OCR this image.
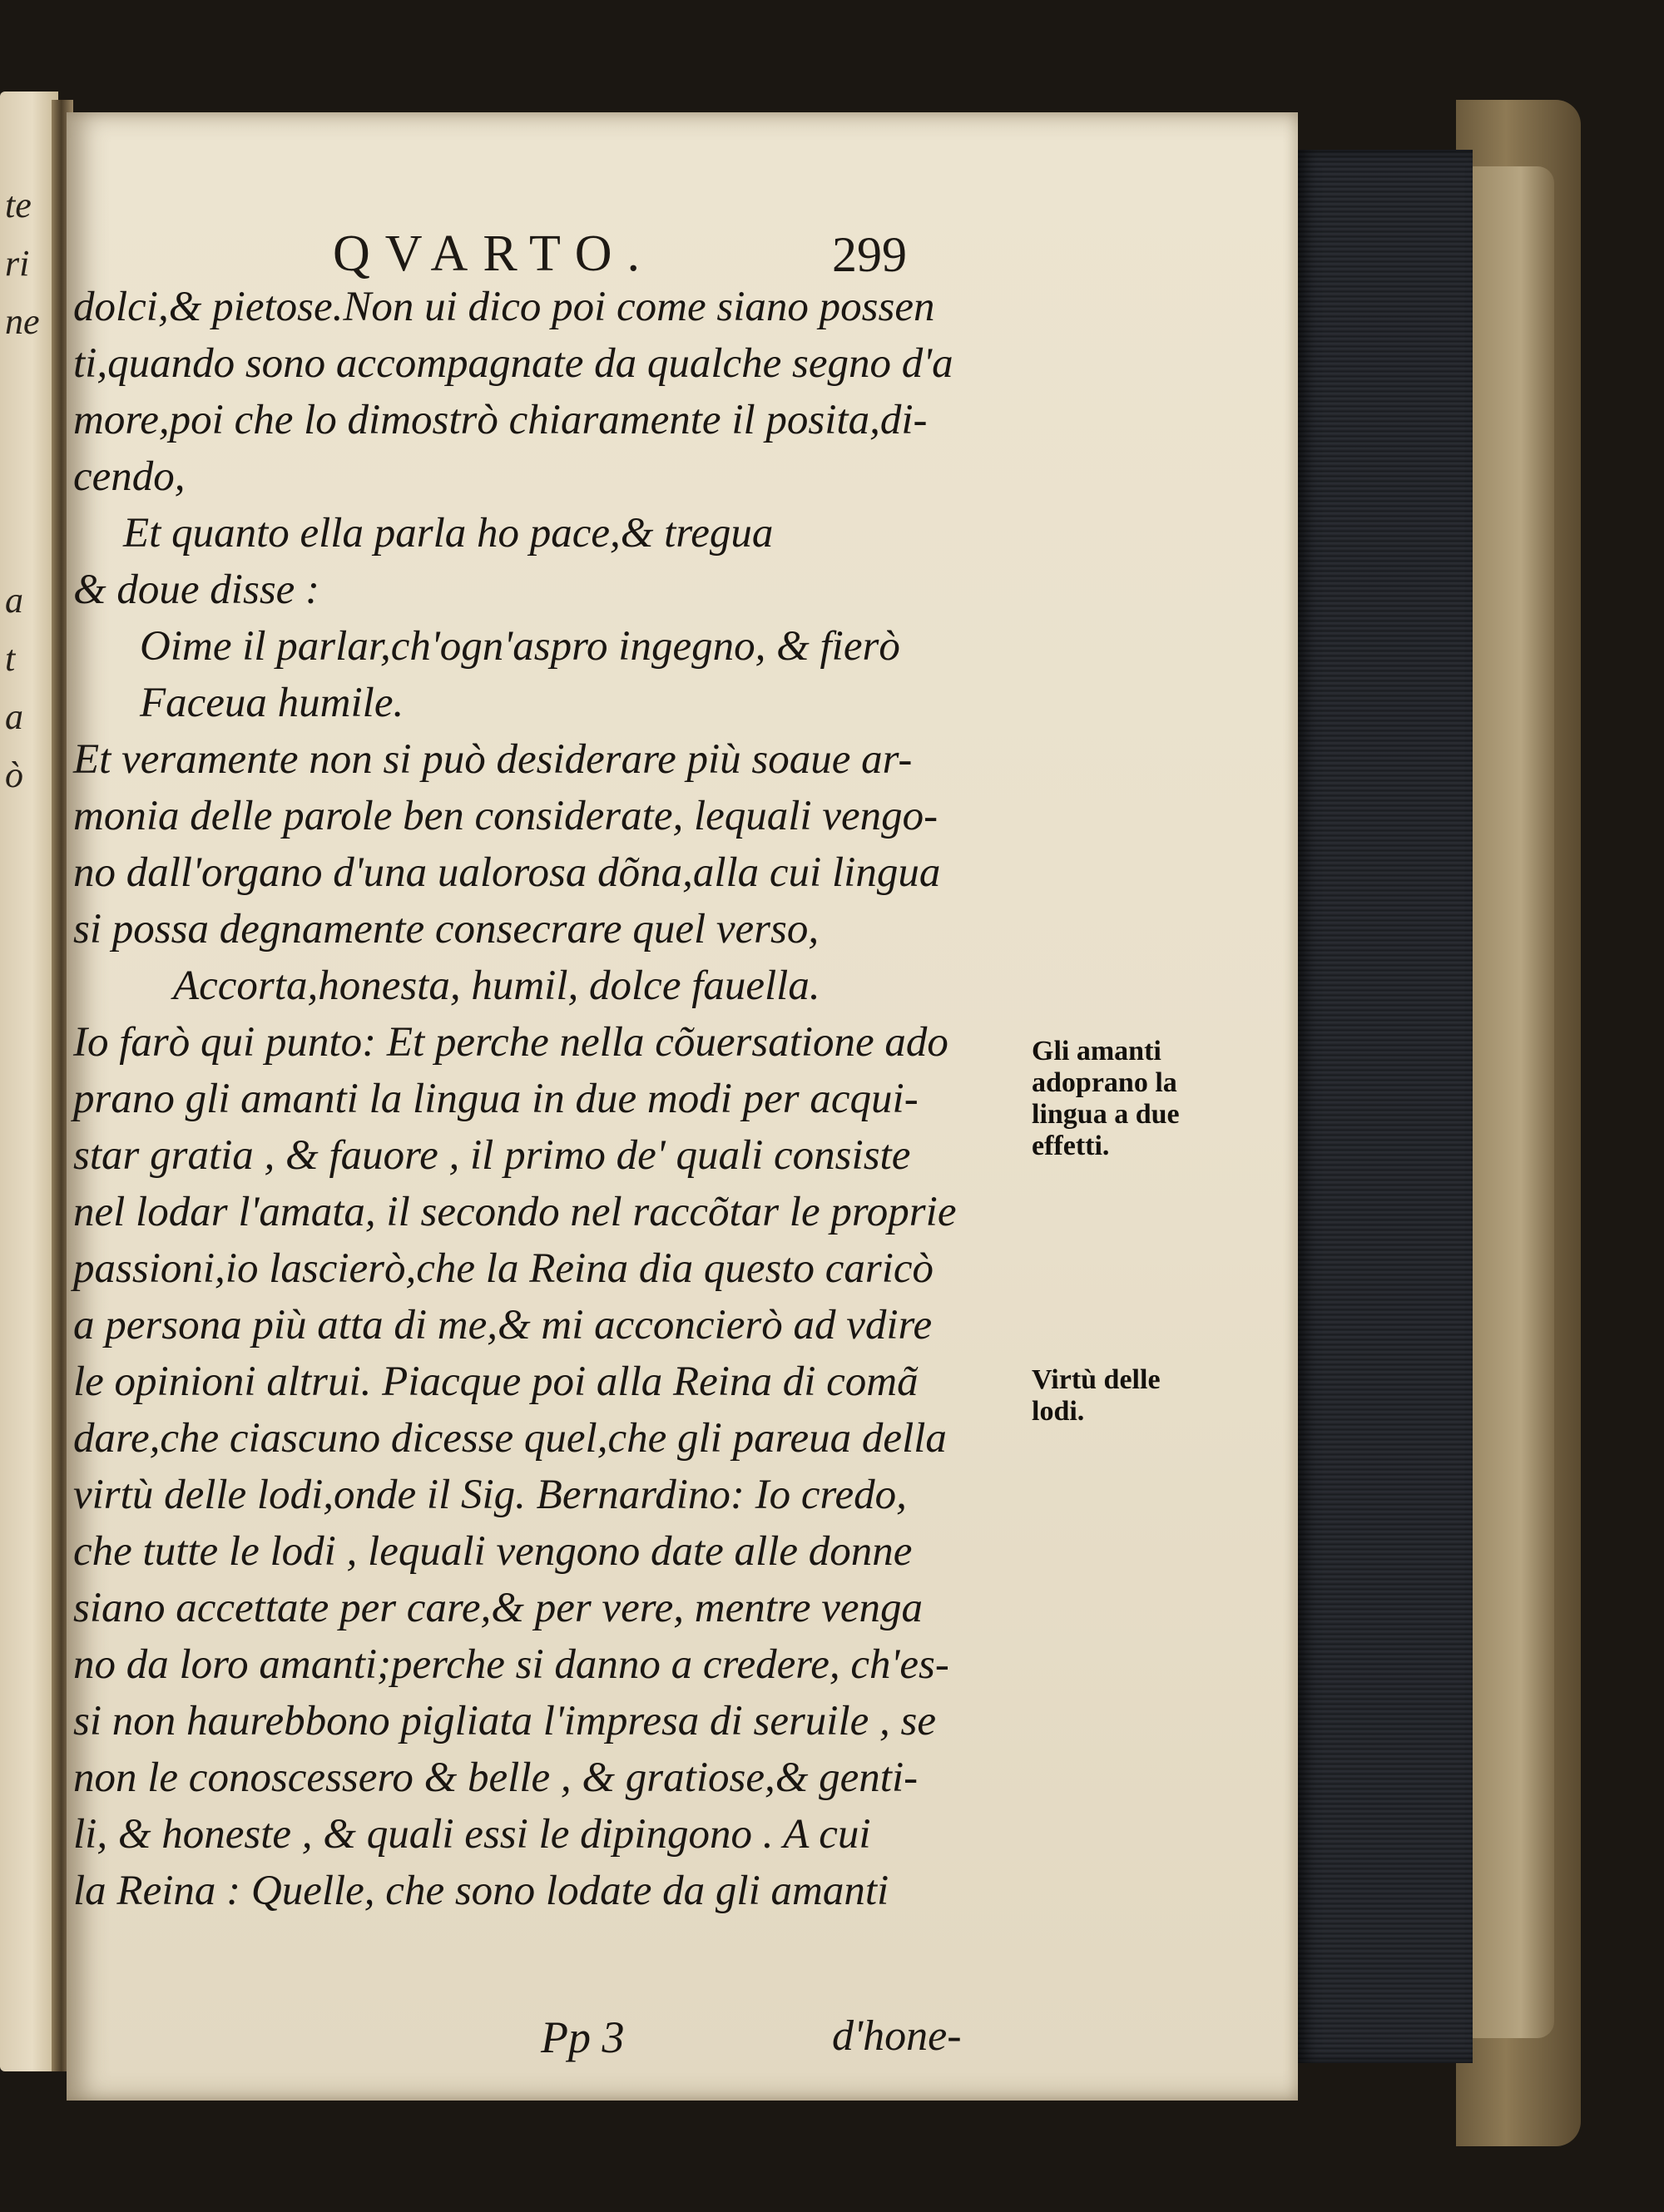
te
ri
ne
a
t
a
ò
QVARTO.	299
dolci,& pietose.Non ui dico poi come siano possen
ti,quando sono accompagnate da qualche segno d'a
more,poi che lo dimostrò chiaramente il posita,di-
cendo,
Et quanto ella parla ho pace,& tregua
& doue disse :
Oime il parlar,ch'ogn'aspro ingegno, & fierò
Faceua humile.
Et veramente non si può desiderare più soaue ar-
monia delle parole ben considerate, lequali vengo-
no dall'organo d'una ualorosa dõna,alla cui lingua
si possa degnamente consecrare quel verso,
Accorta,honesta, humil, dolce fauella.
Io farò qui punto: Et perche nella cõuersatione ado
prano gli amanti la lingua in due modi per acqui-
star gratia , & fauore , il primo de' quali consiste
nel lodar l'amata, il secondo nel raccõtar le proprie
passioni,io lascierò,che la Reina dia questo caricò
a persona più atta di me,& mi acconcierò ad vdire
le opinioni altrui. Piacque poi alla Reina di comã
dare,che ciascuno dicesse quel,che gli pareua della
virtù delle lodi,onde il Sig. Bernardino: Io credo,
che tutte le lodi , lequali vengono date alle donne
siano accettate per care,& per vere, mentre venga
no da loro amanti;perche si danno a credere, ch'es-
si non haurebbono pigliata l'impresa di seruile , se
non le conoscessero & belle , & gratiose,& genti-
li, & honeste , & quali essi le dipingono . A cui
la Reina : Quelle, che sono lodate da gli amanti
Gli amanti
adoprano la
lingua a due
effetti.
Virtù delle
lodi.
Pp 3	d'hone-
